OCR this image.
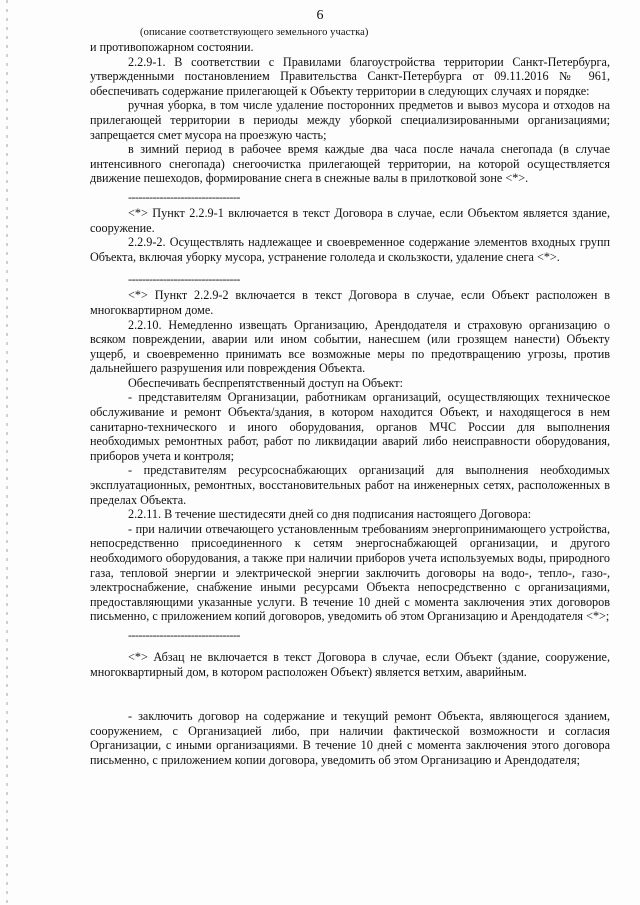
6
(описание соответствующего земельного участка)

и противопожарном состоянии.

2.2.9-1. В соответствии с Правилами благоустройства территории Санкт-Петербурга, утвержденными постановлением Правительства Санкт-Петербурга от 09.11.2016 № 961, обеспечивать содержание прилегающей к Объекту территории в следующих случаях и порядке:

ручная уборка, в том числе удаление посторонних предметов и вывоз мусора и отходов на прилегающей территории в периоды между уборкой специализированными организациями; запрещается смет мусора на проезжую часть;

в зимний период в рабочее время каждые два часа после начала снегопада (в случае интенсивного снегопада) снегоочистка прилегающей территории, на которой осуществляется движение пешеходов, формирование снега в снежные валы в прилотковой зоне <*>.

--------------------------------

<*> Пункт 2.2.9-1 включается в текст Договора в случае, если Объектом является здание, сооружение.

2.2.9-2. Осуществлять надлежащее и своевременное содержание элементов входных групп Объекта, включая уборку мусора, устранение гололеда и скользкости, удаление снега <*>.

--------------------------------

<*> Пункт 2.2.9-2 включается в текст Договора в случае, если Объект расположен в многоквартирном доме.

2.2.10. Немедленно извещать Организацию, Арендодателя и страховую организацию о всяком повреждении, аварии или ином событии, нанесшем (или грозящем нанести) Объекту ущерб, и своевременно принимать все возможные меры по предотвращению угрозы, против дальнейшего разрушения или повреждения Объекта.

Обеспечивать беспрепятственный доступ на Объект:

- представителям Организации, работникам организаций, осуществляющих техническое обслуживание и ремонт Объекта/здания, в котором находится Объект, и находящегося в нем санитарно-технического и иного оборудования, органов МЧС России для выполнения необходимых ремонтных работ, работ по ликвидации аварий либо неисправности оборудования, приборов учета и контроля;

- представителям ресурсоснабжающих организаций для выполнения необходимых эксплуатационных, ремонтных, восстановительных работ на инженерных сетях, расположенных в пределах Объекта.

2.2.11. В течение шестидесяти дней со дня подписания настоящего Договора:

- при наличии отвечающего установленным требованиям энергопринимающего устройства, непосредственно присоединенного к сетям энергоснабжающей организации, и другого необходимого оборудования, а также при наличии приборов учета используемых воды, природного газа, тепловой энергии и электрической энергии заключить договоры на водо-, тепло-, газо-, электроснабжение, снабжение иными ресурсами Объекта непосредственно с организациями, предоставляющими указанные услуги. В течение 10 дней с момента заключения этих договоров письменно, с приложением копий договоров, уведомить об этом Организацию и Арендодателя <*>;

--------------------------------

<*> Абзац не включается в текст Договора в случае, если Объект (здание, сооружение, многоквартирный дом, в котором расположен Объект) является ветхим, аварийным.

- заключить договор на содержание и текущий ремонт Объекта, являющегося зданием, сооружением, с Организацией либо, при наличии фактической возможности и согласия Организации, с иными организациями. В течение 10 дней с момента заключения этого договора письменно, с приложением копии договора, уведомить об этом Организацию и Арендодателя;
